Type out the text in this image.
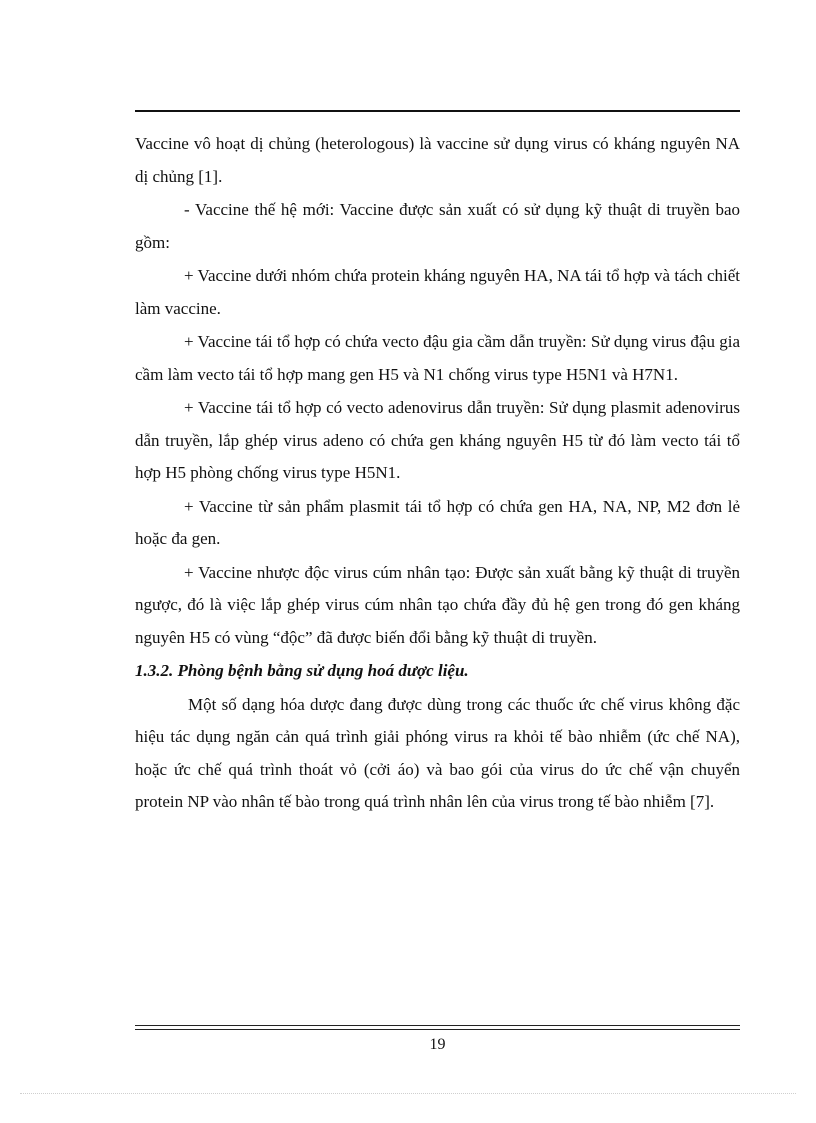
Vaccine vô hoạt dị chủng (heterologous) là vaccine sử dụng virus có kháng nguyên NA dị chủng [1].

- Vaccine thế hệ mới: Vaccine được sản xuất có sử dụng kỹ thuật di truyền bao gồm:

+ Vaccine dưới nhóm chứa protein kháng nguyên HA, NA tái tổ hợp và tách chiết làm vaccine.

+ Vaccine tái tổ hợp có chứa vecto đậu gia cầm dẫn truyền: Sử dụng virus đậu gia cầm làm vecto tái tổ hợp mang gen H5 và N1 chống virus type H5N1 và H7N1.

+ Vaccine tái tổ hợp có vecto adenovirus dẫn truyền: Sử dụng plasmit adenovirus dẫn truyền, lắp ghép virus adeno có chứa gen kháng nguyên H5 từ đó làm vecto tái tổ hợp H5 phòng chống virus type H5N1.

+ Vaccine từ sản phẩm plasmit tái tổ hợp có chứa gen HA, NA, NP, M2 đơn lẻ hoặc đa gen.

+ Vaccine nhược độc virus cúm nhân tạo: Được sản xuất bằng kỹ thuật di truyền ngược, đó là việc lắp ghép virus cúm nhân tạo chứa đầy đủ hệ gen trong đó gen kháng nguyên H5 có vùng “độc” đã được biến đổi bằng kỹ thuật di truyền.

1.3.2. Phòng bệnh bằng sử dụng hoá dược liệu.

Một số dạng hóa dược đang được dùng trong các thuốc ức chế virus không đặc hiệu tác dụng ngăn cản quá trình giải phóng virus ra khỏi tế bào nhiễm (ức chế NA), hoặc ức chế quá trình thoát vỏ (cởi áo) và bao gói của virus do ức chế vận chuyển protein NP vào nhân tế bào trong quá trình nhân lên của virus trong tế bào nhiễm [7].

19
